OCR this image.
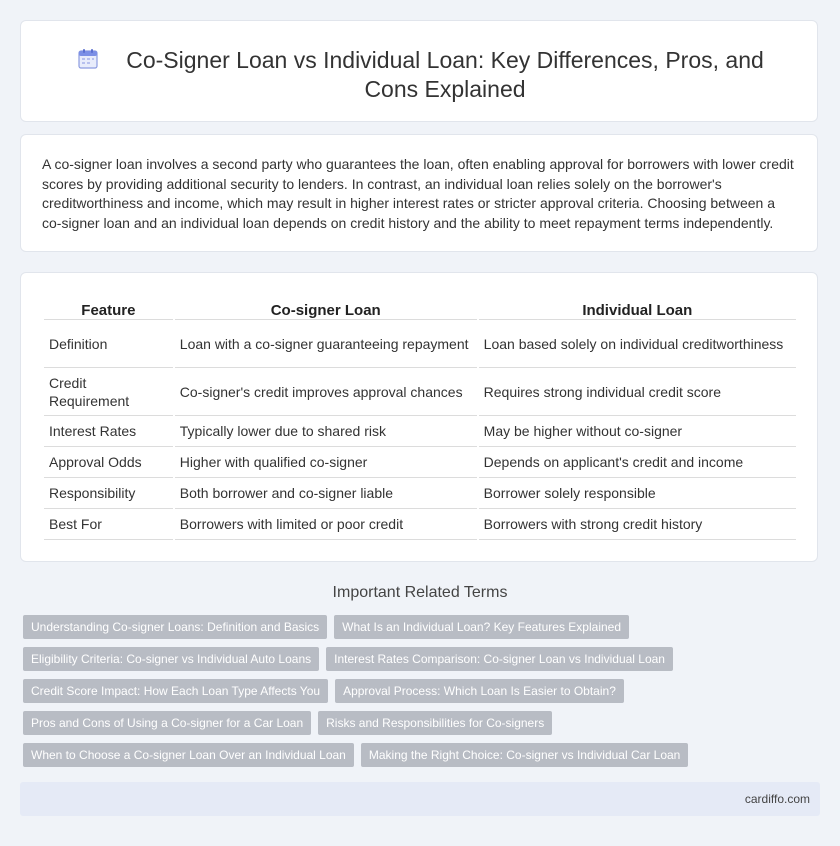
Co-Signer Loan vs Individual Loan: Key Differences, Pros, and Cons Explained

A co-signer loan involves a second party who guarantees the loan, often enabling approval for borrowers with lower credit scores by providing additional security to lenders. In contrast, an individual loan relies solely on the borrower's creditworthiness and income, which may result in higher interest rates or stricter approval criteria. Choosing between a co-signer loan and an individual loan depends on credit history and the ability to meet repayment terms independently.

Feature	Co-signer Loan	Individual Loan
Definition	Loan with a co-signer guaranteeing repayment	Loan based solely on individual creditworthiness
Credit Requirement	Co-signer's credit improves approval chances	Requires strong individual credit score
Interest Rates	Typically lower due to shared risk	May be higher without co-signer
Approval Odds	Higher with qualified co-signer	Depends on applicant's credit and income
Responsibility	Both borrower and co-signer liable	Borrower solely responsible
Best For	Borrowers with limited or poor credit	Borrowers with strong credit history
Important Related Terms
Understanding Co-signer Loans: Definition and Basics	What Is an Individual Loan? Key Features Explained
Eligibility Criteria: Co-signer vs Individual Auto Loans	Interest Rates Comparison: Co-signer Loan vs Individual Loan
Credit Score Impact: How Each Loan Type Affects You	Approval Process: Which Loan Is Easier to Obtain?
Pros and Cons of Using a Co-signer for a Car Loan	Risks and Responsibilities for Co-signers
When to Choose a Co-signer Loan Over an Individual Loan	Making the Right Choice: Co-signer vs Individual Car Loan
cardiffo.com
